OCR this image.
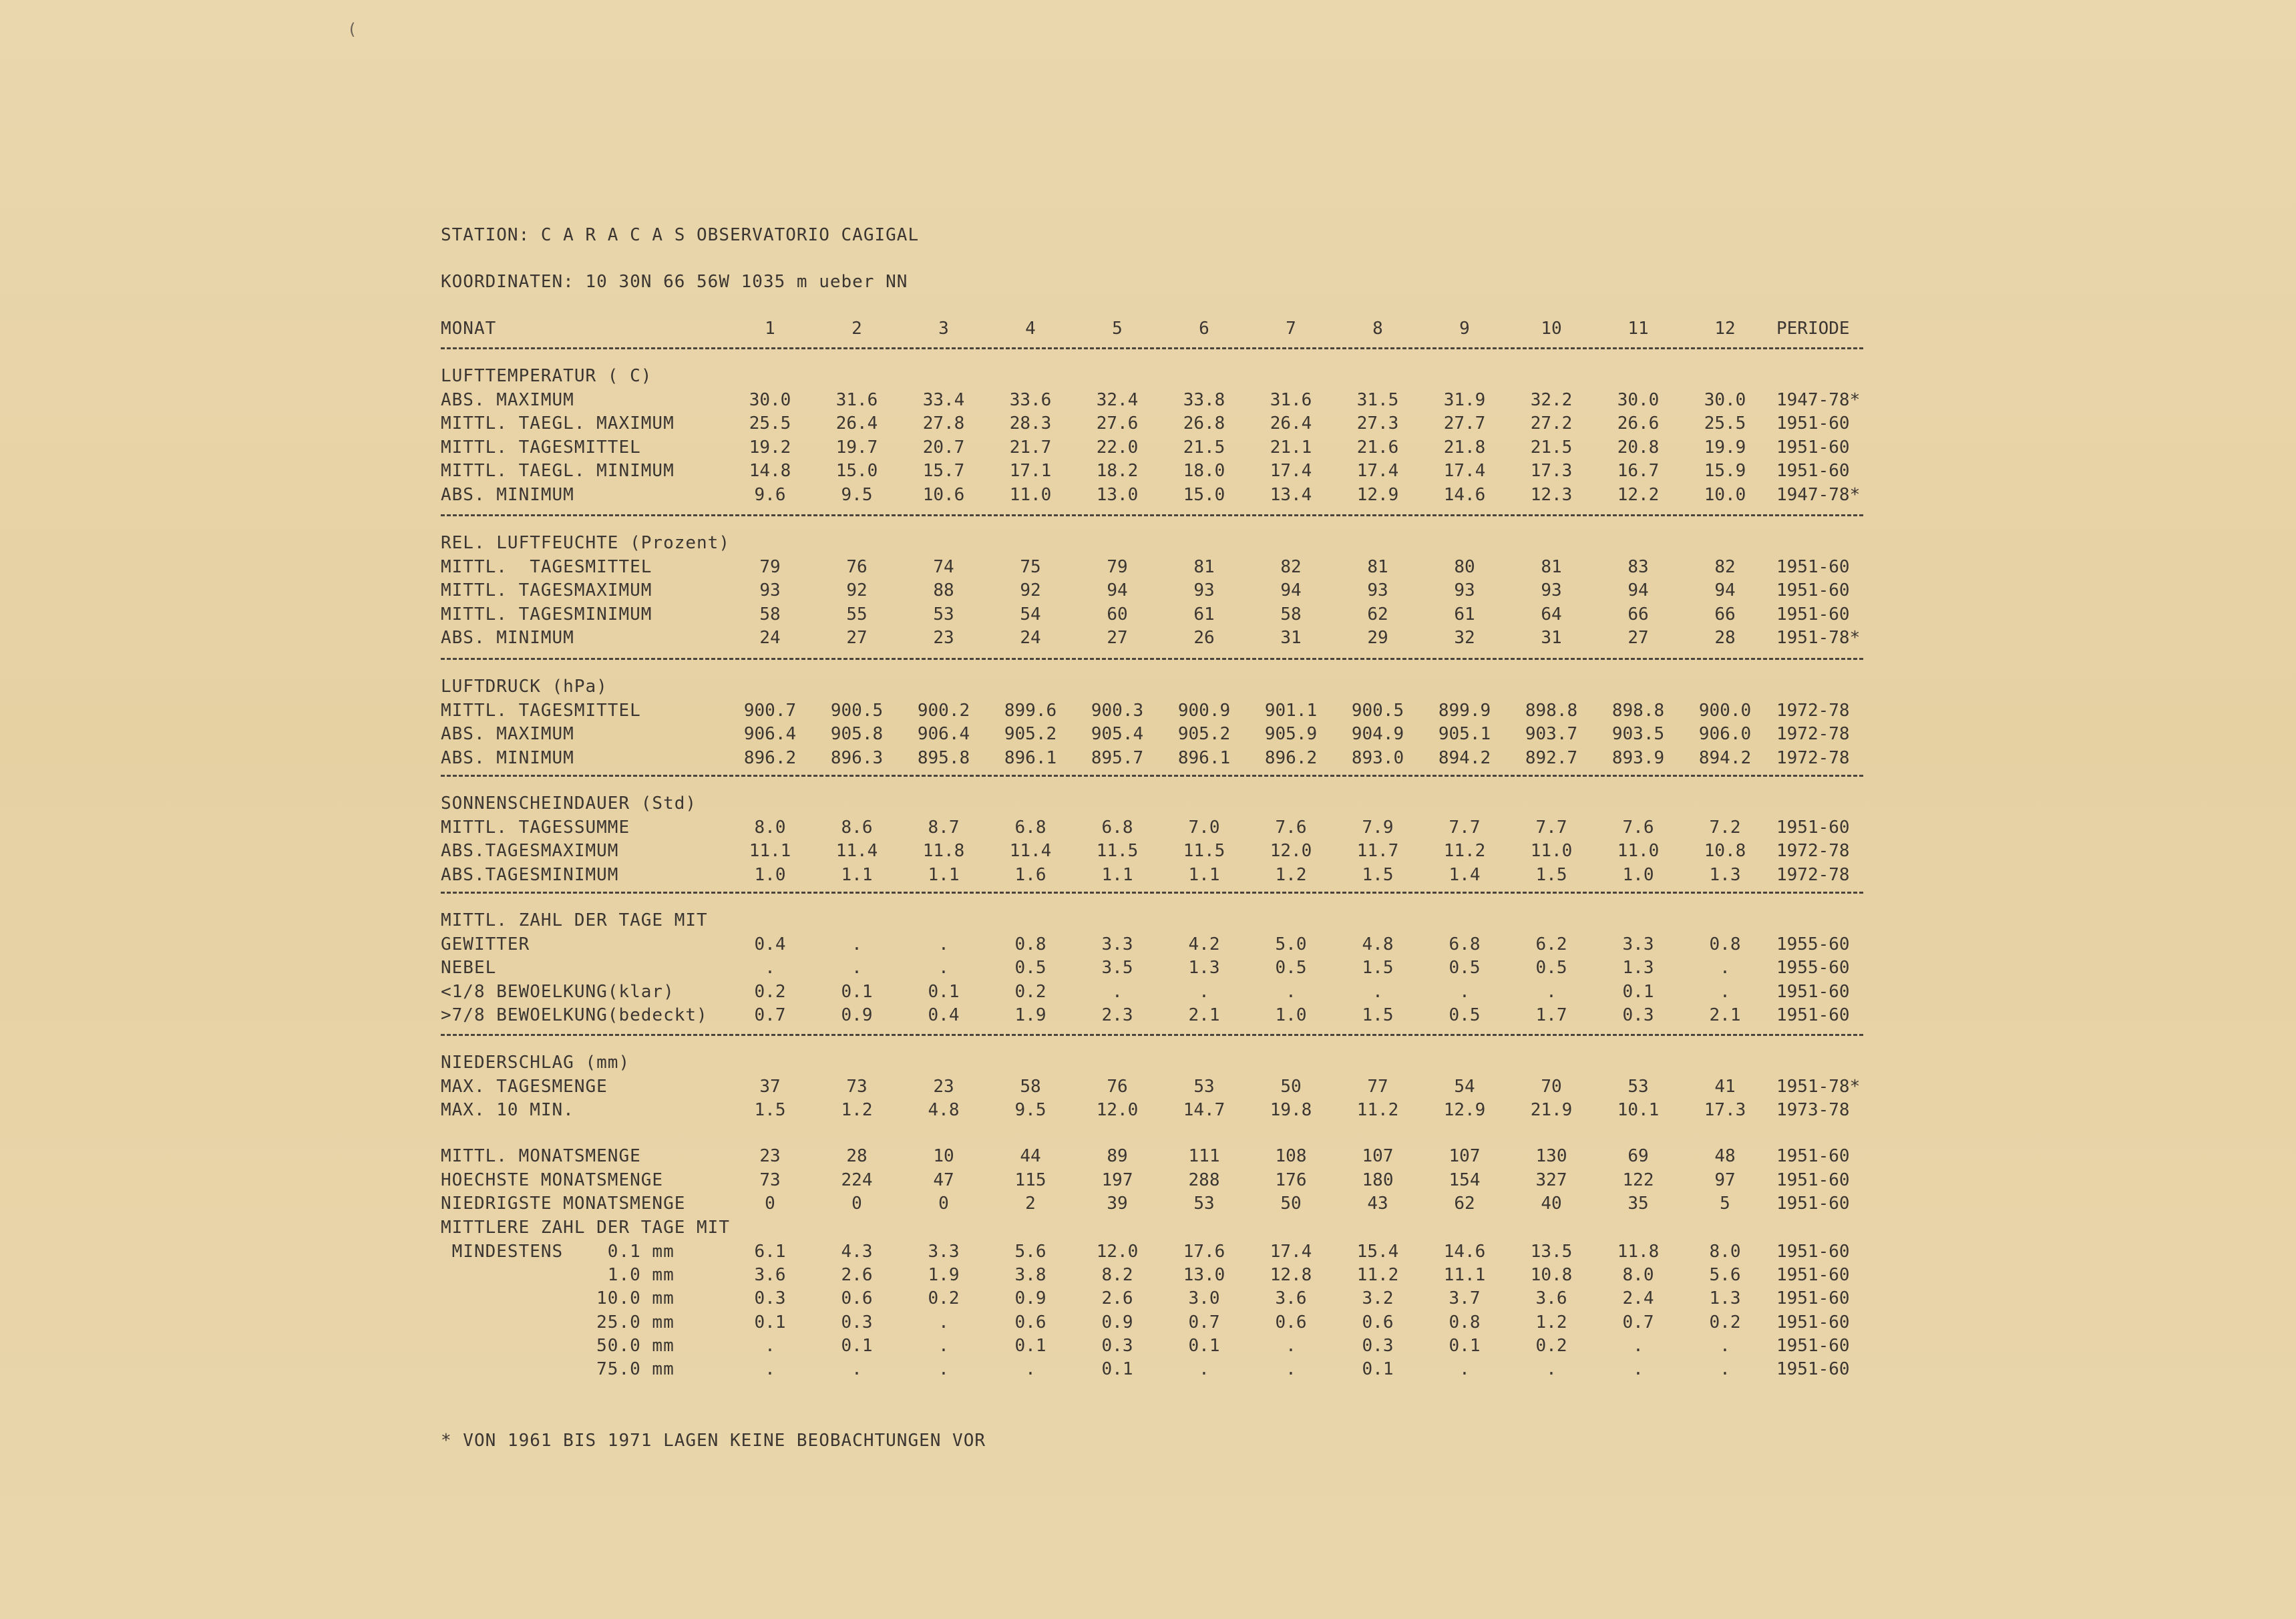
STATION: C A R A C A S OBSERVATORIO CAGIGAL
KOORDINATEN: 10 30N 66 56W 1035 m ueber NN
MONAT	1	2	3	4	5	6	7	8	9	10	11	12	PERIODE
LUFTTEMPERATUR ( C)
ABS. MAXIMUM	30.0	31.6	33.4	33.6	32.4	33.8	31.6	31.5	31.9	32.2	30.0	30.0	1947-78*
MITTL. TAEGL. MAXIMUM	25.5	26.4	27.8	28.3	27.6	26.8	26.4	27.3	27.7	27.2	26.6	25.5	1951-60
MITTL. TAGESMITTEL	19.2	19.7	20.7	21.7	22.0	21.5	21.1	21.6	21.8	21.5	20.8	19.9	1951-60
MITTL. TAEGL. MINIMUM	14.8	15.0	15.7	17.1	18.2	18.0	17.4	17.4	17.4	17.3	16.7	15.9	1951-60
ABS. MINIMUM	9.6	9.5	10.6	11.0	13.0	15.0	13.4	12.9	14.6	12.3	12.2	10.0	1947-78*
REL. LUFTFEUCHTE (Prozent)
MITTL.  TAGESMITTEL	79	76	74	75	79	81	82	81	80	81	83	82	1951-60
MITTL. TAGESMAXIMUM	93	92	88	92	94	93	94	93	93	93	94	94	1951-60
MITTL. TAGESMINIMUM	58	55	53	54	60	61	58	62	61	64	66	66	1951-60
ABS. MINIMUM	24	27	23	24	27	26	31	29	32	31	27	28	1951-78*
LUFTDRUCK (hPa)
MITTL. TAGESMITTEL	900.7	900.5	900.2	899.6	900.3	900.9	901.1	900.5	899.9	898.8	898.8	900.0	1972-78
ABS. MAXIMUM	906.4	905.8	906.4	905.2	905.4	905.2	905.9	904.9	905.1	903.7	903.5	906.0	1972-78
ABS. MINIMUM	896.2	896.3	895.8	896.1	895.7	896.1	896.2	893.0	894.2	892.7	893.9	894.2	1972-78
SONNENSCHEINDAUER (Std)
MITTL. TAGESSUMME	8.0	8.6	8.7	6.8	6.8	7.0	7.6	7.9	7.7	7.7	7.6	7.2	1951-60
ABS.TAGESMAXIMUM	11.1	11.4	11.8	11.4	11.5	11.5	12.0	11.7	11.2	11.0	11.0	10.8	1972-78
ABS.TAGESMINIMUM	1.0	1.1	1.1	1.6	1.1	1.1	1.2	1.5	1.4	1.5	1.0	1.3	1972-78
MITTL. ZAHL DER TAGE MIT
GEWITTER	0.4	.	.	0.8	3.3	4.2	5.0	4.8	6.8	6.2	3.3	0.8	1955-60
NEBEL	.	.	.	0.5	3.5	1.3	0.5	1.5	0.5	0.5	1.3	.	1955-60
<1/8 BEWOELKUNG(klar)	0.2	0.1	0.1	0.2	.	.	.	.	.	.	0.1	.	1951-60
>7/8 BEWOELKUNG(bedeckt)	0.7	0.9	0.4	1.9	2.3	2.1	1.0	1.5	0.5	1.7	0.3	2.1	1951-60
NIEDERSCHLAG (mm)
MAX. TAGESMENGE	37	73	23	58	76	53	50	77	54	70	53	41	1951-78*
MAX. 10 MIN.	1.5	1.2	4.8	9.5	12.0	14.7	19.8	11.2	12.9	21.9	10.1	17.3	1973-78
MITTL. MONATSMENGE	23	28	10	44	89	111	108	107	107	130	69	48	1951-60
HOECHSTE MONATSMENGE	73	224	47	115	197	288	176	180	154	327	122	97	1951-60
NIEDRIGSTE MONATSMENGE	0	0	0	2	39	53	50	43	62	40	35	5	1951-60
MITTLERE ZAHL DER TAGE MIT
MINDESTENS    0.1 mm	6.1	4.3	3.3	5.6	12.0	17.6	17.4	15.4	14.6	13.5	11.8	8.0	1951-60
1.0 mm	3.6	2.6	1.9	3.8	8.2	13.0	12.8	11.2	11.1	10.8	8.0	5.6	1951-60
10.0 mm	0.3	0.6	0.2	0.9	2.6	3.0	3.6	3.2	3.7	3.6	2.4	1.3	1951-60
25.0 mm	0.1	0.3	.	0.6	0.9	0.7	0.6	0.6	0.8	1.2	0.7	0.2	1951-60
50.0 mm	.	0.1	.	0.1	0.3	0.1	.	0.3	0.1	0.2	.	.	1951-60
75.0 mm	.	.	.	.	0.1	.	.	0.1	.	.	.	.	1951-60
* VON 1961 BIS 1971 LAGEN KEINE BEOBACHTUNGEN VOR
(
